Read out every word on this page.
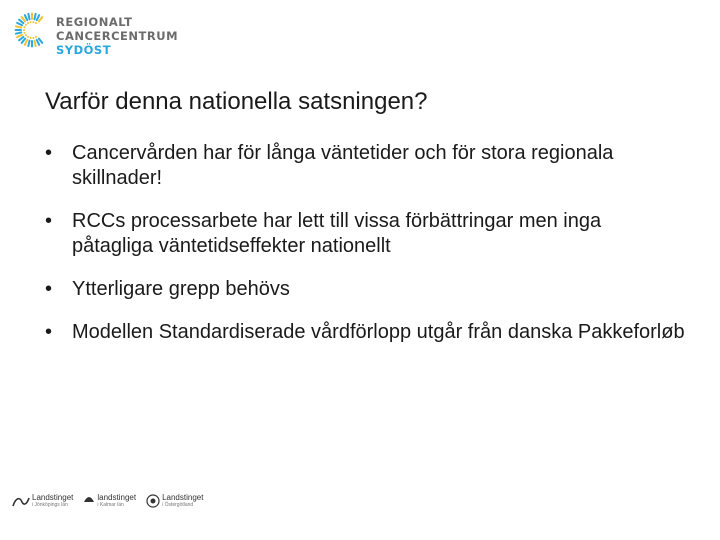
REGIONALT
CANCERCENTRUM
SYDÖST
Varför denna nationella satsningen?
• Cancervården har för långa väntetider och för stora regionala skillnader!
• RCCs processarbete har lett till vissa förbättringar men inga påtagliga väntetidseffekter nationellt
• Ytterligare grepp behövs
• Modellen Standardiserade vårdförlopp utgår från danska Pakkeforløb
Landstinget
i Jönköpings län
landstinget
i Kalmar län
Landstinget
i Östergötland
